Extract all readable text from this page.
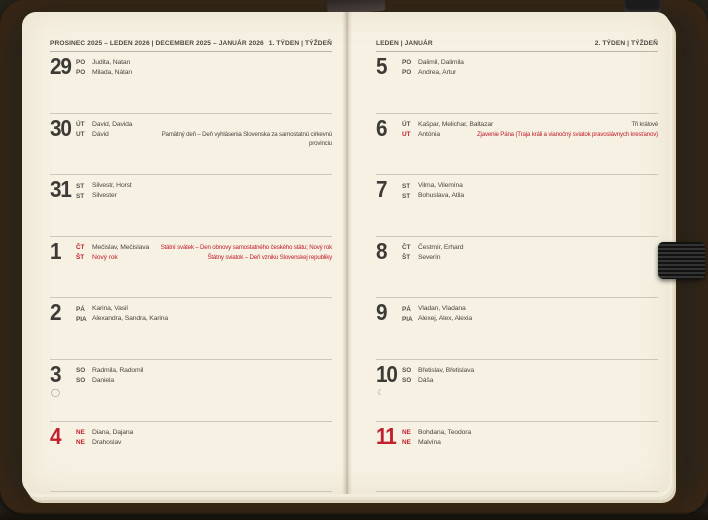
PROSINEC 2025 – LEDEN 2026 | DECEMBER 2025 – JANUÁR 2026 1. TÝDEN | TÝŽDEŇ
29 PO Judita, Natan
PO Milada, Nátan
30 ÚT	David, Davida
UT	Dávid	Pamätný deň – Deň vyhlásenia Slovenska za samostatnú cirkevnú provinciu
31 ST	Silvestr, Horst
ST	Silvester
1	ČT	Mečislav, Mečislava	Státní svátek – Den obnovy samostatného českého státu; Nový rok
ŠT	Nový rok	Štátny sviatok – Deň vzniku Slovenskej republiky
2	PÁ	Karina, Vasil
PIA Alexandra, Sandra, Karina
3
◯
SO Radmila, Radomil
SO Daniela
4	NE	Diana, Dajana
NE	Drahoslav
LEDEN | JANUÁR	2. TÝDEN | TÝŽDEŇ
5	PO Dalimil, Dalimila
PO Andrea, Artur
6	ÚT	Kašpar, Melichar, Baltazar	Tři králové
UT	Antónia	Zjavenie Pána (Traja králi a vianočný sviatok pravoslávnych kresťanov)
7	ST	Vilma, Vilemína
ST	Bohuslava, Atila
8	ČT	Čestmír, Erhard
ŠT	Severín
9	PÁ	Vladan, Vladana
PIA Alexej, Alex, Alexia
10
☾
SO Břetislav, Břetislava
SO Dáša
11 NE	Bohdana, Teodora
NE	Malvína
